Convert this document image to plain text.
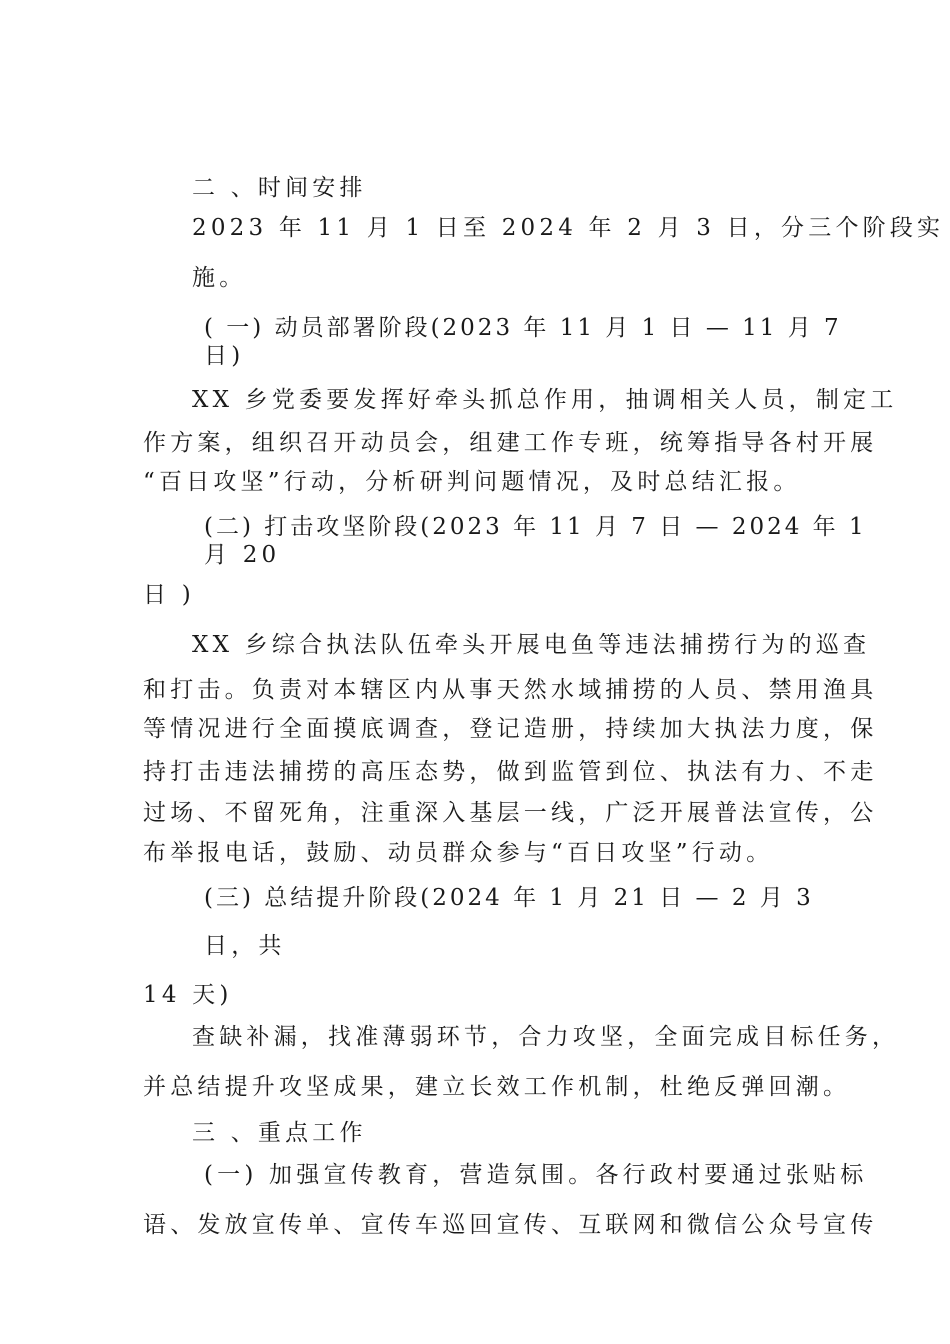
二 、时间安排
2023 年 11 月 1 日至 2024 年 2 月 3 日，分三个阶段实
施。
( 一) 动员部署阶段(2023 年 11 月 1 日 — 11 月 7
日)
XX 乡党委要发挥好牵头抓总作用，抽调相关人员，制定工
作方案，组织召开动员会，组建工作专班，统筹指导各村开展
“百日攻坚”行动，分析研判问题情况，及时总结汇报。
(二) 打击攻坚阶段(2023 年 11 月 7 日 — 2024 年 1
月 20
日 )
XX 乡综合执法队伍牵头开展电鱼等违法捕捞行为的巡查
和打击。负责对本辖区内从事天然水域捕捞的人员、禁用渔具
等情况进行全面摸底调查，登记造册，持续加大执法力度，保
持打击违法捕捞的高压态势，做到监管到位、执法有力、不走
过场、不留死角，注重深入基层一线，广泛开展普法宣传，公
布举报电话，鼓励、动员群众参与“百日攻坚”行动。
(三) 总结提升阶段(2024 年 1 月 21 日 — 2 月 3
日，共
14 天)
查缺补漏，找准薄弱环节，合力攻坚，全面完成目标任务，
并总结提升攻坚成果，建立长效工作机制，杜绝反弹回潮。
三 、重点工作
(一) 加强宣传教育，营造氛围。各行政村要通过张贴标
语、发放宣传单、宣传车巡回宣传、互联网和微信公众号宣传
